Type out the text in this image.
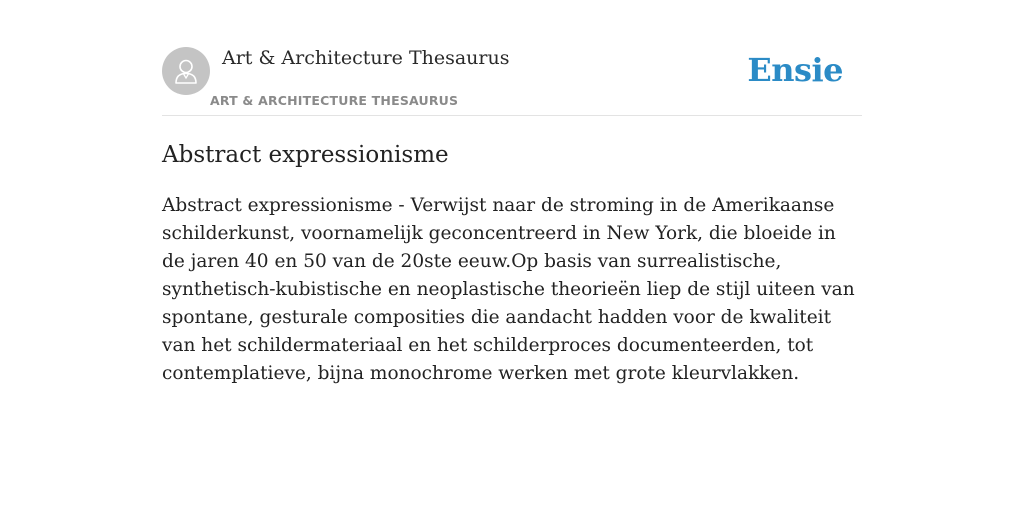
Art & Architecture Thesaurus
ART & ARCHITECTURE THESAURUS
Ensie
Abstract expressionisme

Abstract expressionisme - Verwijst naar de stroming in de Amerikaanse schilderkunst, voornamelijk geconcentreerd in New York, die bloeide in de jaren 40 en 50 van de 20ste eeuw.Op basis van surrealistische, synthetisch-kubistische en neoplastische theorieën liep de stijl uiteen van spontane, gesturale composities die aandacht hadden voor de kwaliteit van het schildermateriaal en het schilderproces documenteerden, tot contemplatieve, bijna monochrome werken met grote kleurvlakken.
